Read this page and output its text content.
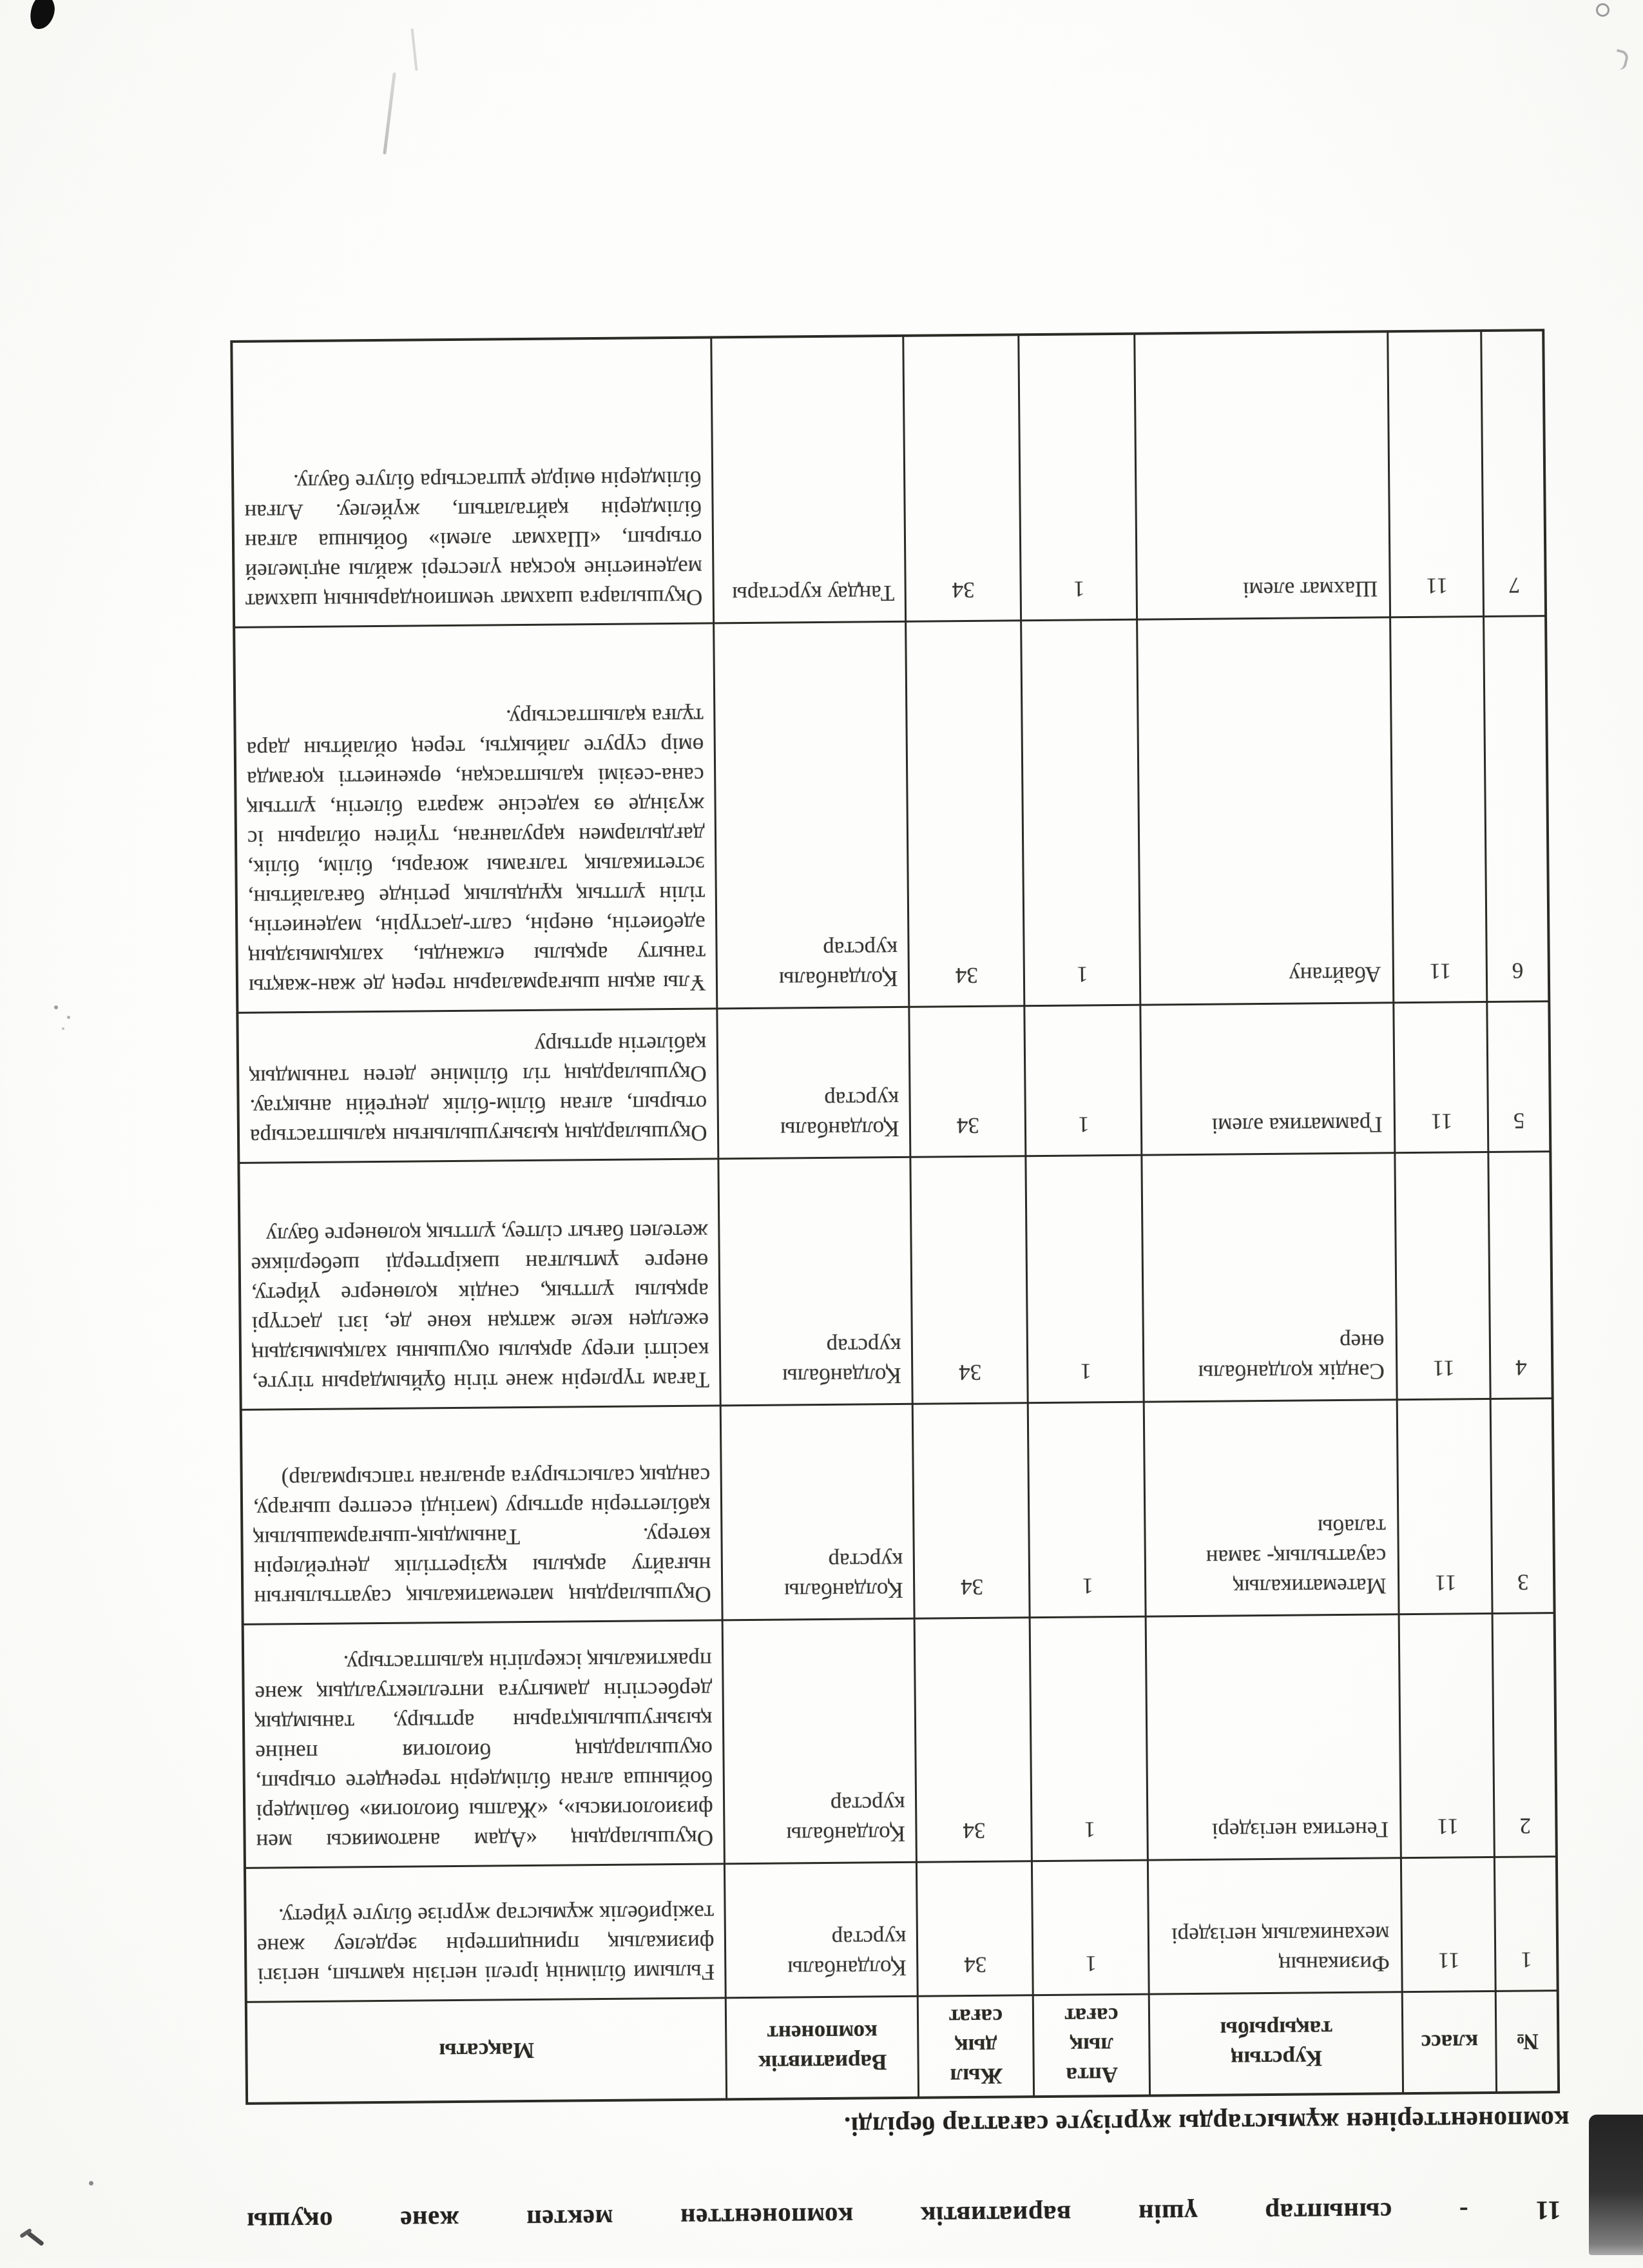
11 - сыныптар үшін вариативтік компоненттен мектеп және оқушы
компоненттерінен жұмыстарды жүргізуге сағаттар берілді.
№	класс	Курстың тақырыбы	Апта лық сағат	Жыл дық сағат	Вариативтік компонент	Мақсаты
1	11	Физиканың механикалық негіздері	1	34	Қолданбалы курстар	Ғылыми білімнің іргелі негізін қамтып, негізгі физикалық принциптерін зерделеу және тәжірибелік жұмыстар жүргізе білуге үйрету.
2	11	Генетика негіздері	1	34	Қолданбалы курстар	Оқушылардың «Адам анатомиясы мен физиологиясы», «Жалпы биология» бөлімдері бойынша алған білімдерін тереңдете отырып, оқушылардың биология пәніне қызығушылықтарын арттыру, танымдық дербестігін дамытуға интеллектуалдық және практикалық іскерлігін қалыптастыру.
3	11	Математикалық сауаттылық- заман талабы	1	34	Қолданбалы курстар	Оқушылардың математикалық сауаттылығын нығайту арқылы құзіреттілік деңгейлерін көтеру. Танымдық-шығармашылық қабілеттерін арттыру (мәтінді есептер шығару, сандық салыстыруға арналған тапсырмалар)
4	11	Сәндік қолданбалы өнер	1	34	Қолданбалы курстар	Тағам түрлерін және тігін бұйымдарын тігуге, кәсіпті игеру арқылы оқушыны халқымыздың ежелден келе жатқан көне де, ізгі дәстүрі арқылы ұлттық, сәндік қолөнерге үйрету, өнерге ұмтылған шәкірттерді шеберлікке жетелеп бағыт сілтеу, ұлттық қолөнерге баулу
5	11	Грамматика әлемі	1	34	Қолданбалы курстар	Оқушылардың қызығушылығын қалыптастыра отырып, алған білім-білік деңгейін анықтау. Оқушылардың тіл біліміне деген танымдық қабілетін арттыру
6	11	Абайтану	1	34	Қолданбалы курстар	Ұлы ақын шығармаларын терең де жан-жақты таныту арқылы елжанды, халқымыздың әдебиетін, өнерін, салт-дәстүрін, мәдениетін, тілін ұлттық құндылық ретінде бағалайтын, эстетикалық талғамы жоғары, білім, білік, дағдылармен қаруланған, түйген ойларын іс жүзінде өз кәдесіне жарата білетін, ұлттық сана-сезімі қалыптасқан, өркениетті қоғамда өмір сүруге лайықты, терең ойлайтын дара тұлға қалыптастыру.
7	11	Шахмат әлемі	1	34	Таңдау курстары	Оқушыларға шахмат чемпиондарының шахмат мәдениетіне қосқан үлестері жайлы әңгімелей отырып, «Шахмат әлемі» бойынша алған білімдерін қайталатып, жүйелеу. Алған білімдерін өмірде ұштастыра білуге баулу.
